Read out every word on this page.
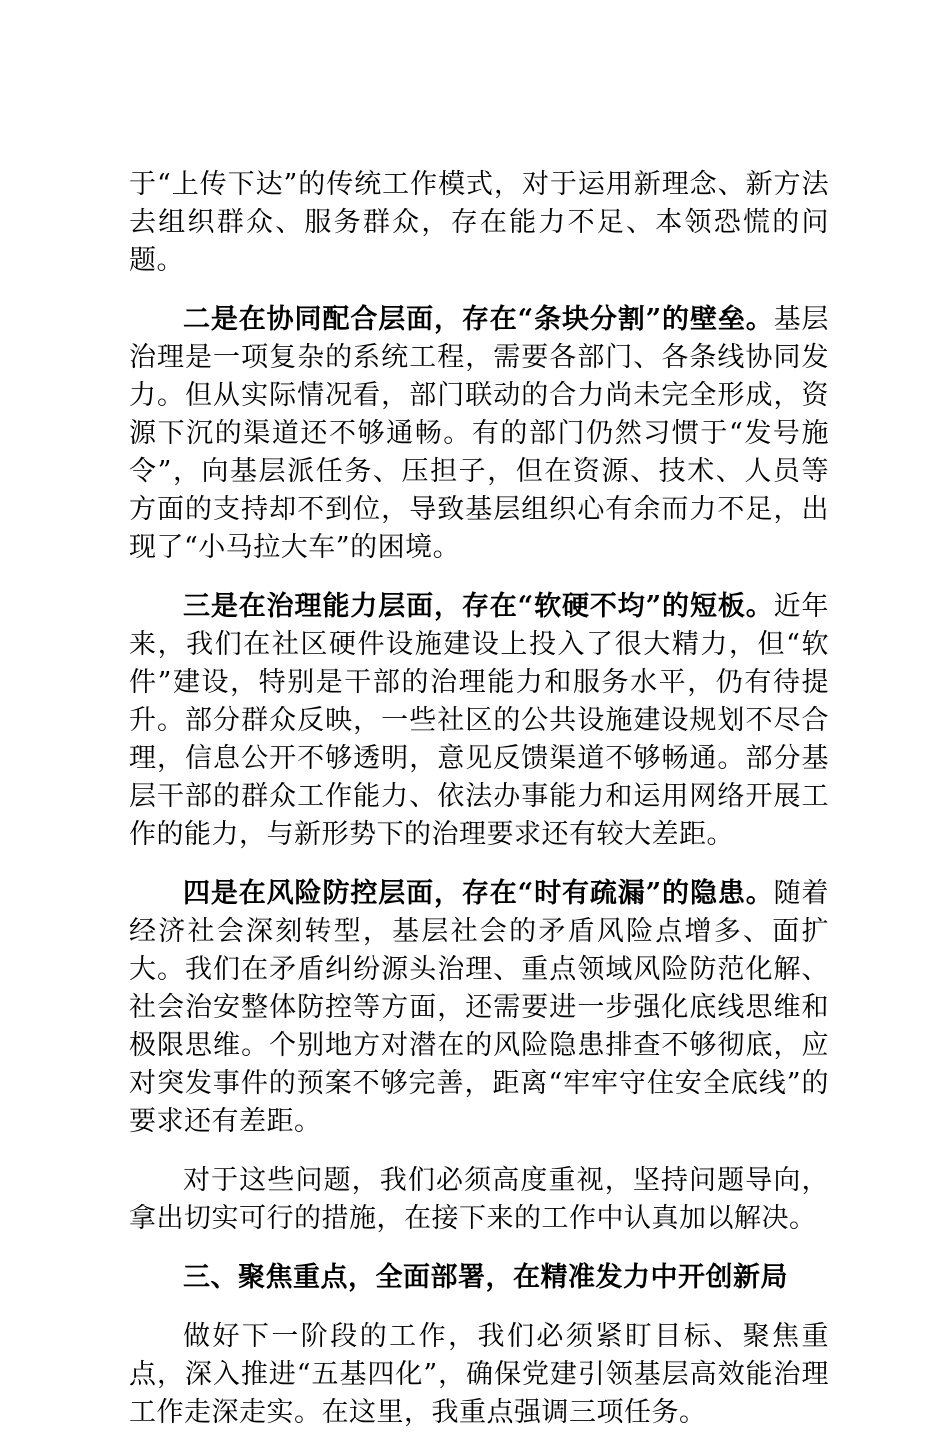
于“上传下达”的传统工作模式，对于运用新理念、新方法去组织群众、服务群众，存在能力不足、本领恐慌的问题。

二是在协同配合层面，存在“条块分割”的壁垒。基层治理是一项复杂的系统工程，需要各部门、各条线协同发力。但从实际情况看，部门联动的合力尚未完全形成，资源下沉的渠道还不够通畅。有的部门仍然习惯于“发号施令”，向基层派任务、压担子，但在资源、技术、人员等方面的支持却不到位，导致基层组织心有余而力不足，出现了“小马拉大车”的困境。

三是在治理能力层面，存在“软硬不均”的短板。近年来，我们在社区硬件设施建设上投入了很大精力，但“软件”建设，特别是干部的治理能力和服务水平，仍有待提升。部分群众反映，一些社区的公共设施建设规划不尽合理，信息公开不够透明，意见反馈渠道不够畅通。部分基层干部的群众工作能力、依法办事能力和运用网络开展工作的能力，与新形势下的治理要求还有较大差距。

四是在风险防控层面，存在“时有疏漏”的隐患。随着经济社会深刻转型，基层社会的矛盾风险点增多、面扩大。我们在矛盾纠纷源头治理、重点领域风险防范化解、社会治安整体防控等方面，还需要进一步强化底线思维和极限思维。个别地方对潜在的风险隐患排查不够彻底，应对突发事件的预案不够完善，距离“牢牢守住安全底线”的要求还有差距。

对于这些问题，我们必须高度重视，坚持问题导向，拿出切实可行的措施，在接下来的工作中认真加以解决。

三、聚焦重点，全面部署，在精准发力中开创新局

做好下一阶段的工作，我们必须紧盯目标、聚焦重点，深入推进“五基四化”，确保党建引领基层高效能治理工作走深走实。在这里，我重点强调三项任务。
